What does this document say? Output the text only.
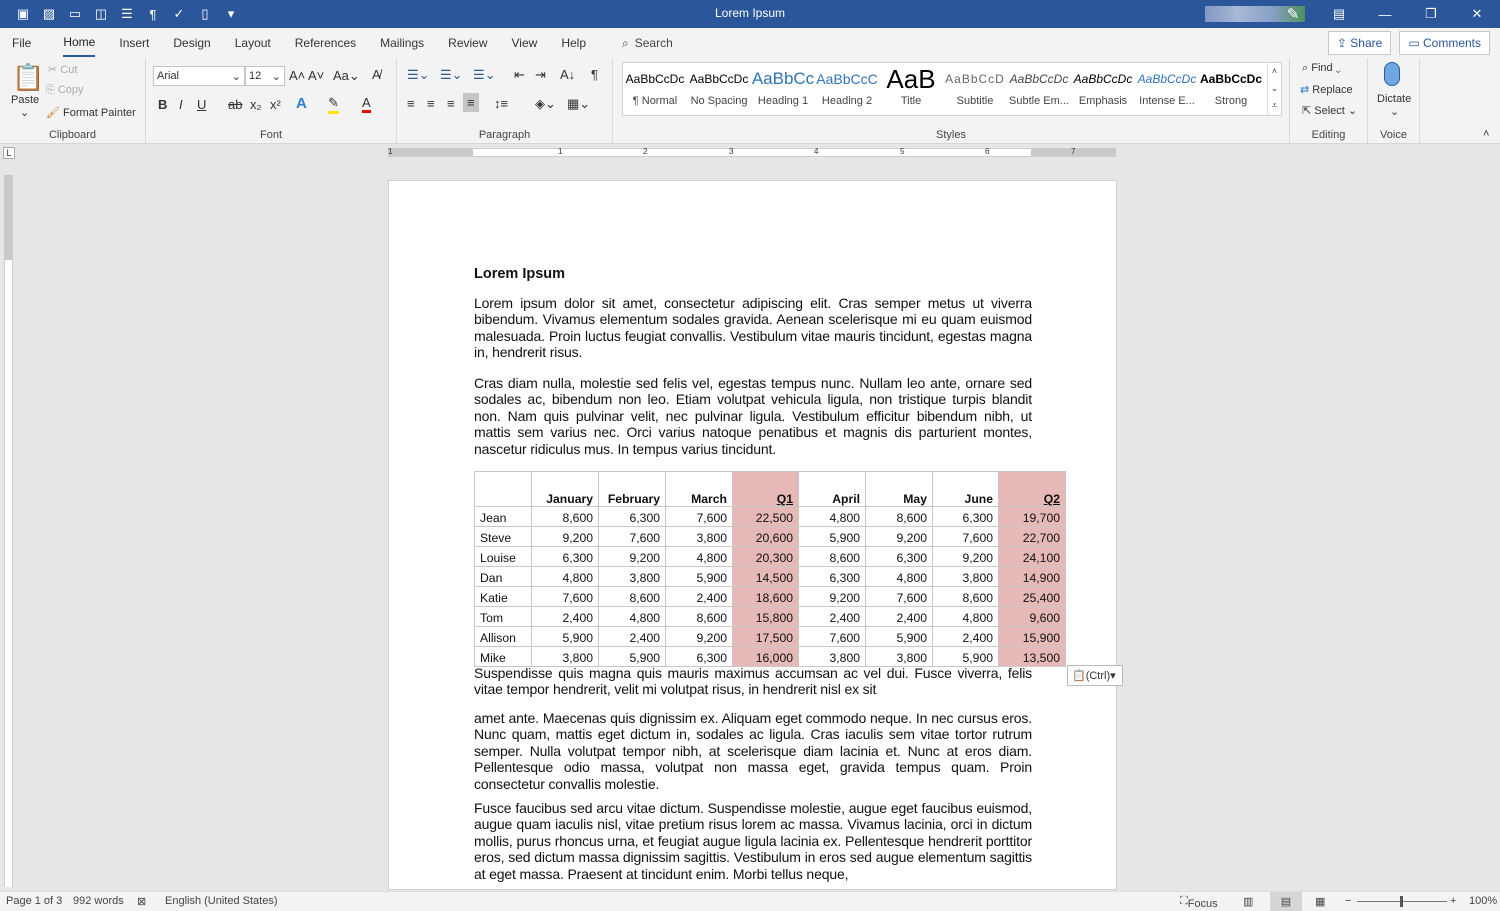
▣ ▨ ▭ ◫ ☰	¶	✓	▯	▾	Lorem Ipsum	✎	▤	—	❐	✕
File	Home Insert Design Layout References Mailings Review View Help	⌕ Search	⇪ Share	▭ Comments
📋
Paste
⌄
✂ Cut
⎘ Copy
🖌 Format Painter
Clipboard
Arial	⌄ 12 ⌄ A˄ A˅ Aa⌄ A̸
B I U ab x₂ x² A ✎ A
Font
☰⌄ ☰⌄ ☰⌄ ⇤ ⇥ A↓ ¶
≡ ≡ ≡ ≡	↕≡ ◈⌄ ▦⌄
Paragraph
AaBbCcDc
¶ Normal
AaBbCcDc
No Spacing
AaBbCc
Heading 1
AaBbCcC
Heading 2
AaB
Title
AaBbCcD
Subtitle
AaBbCcDc
Subtle Em...
AaBbCcDc
Emphasis
AaBbCcDc
Intense E...
AaBbCcDc
Strong
˄
⌄
⩡
Styles
⌕ Find ⌄
⇄ Replace
⇱ Select ⌄
Editing
Dictate
⌄
Voice	˄
L	1	1	2	3	4	5	6	7
Lorem Ipsum

Lorem ipsum dolor sit amet, consectetur adipiscing elit. Cras semper metus ut viverra bibendum. Vivamus elementum sodales gravida. Aenean scelerisque mi eu quam euismod malesuada. Proin luctus feugiat convallis. Vestibulum vitae mauris tincidunt, egestas magna in, hendrerit risus.

Cras diam nulla, molestie sed felis vel, egestas tempus nunc. Nullam leo ante, ornare sed sodales ac, bibendum non leo. Etiam volutpat vehicula ligula, non tristique turpis blandit non. Nam quis pulvinar velit, nec pulvinar ligula. Vestibulum efficitur bibendum nibh, ut mattis sem varius nec. Orci varius natoque penatibus et magnis dis parturient montes, nascetur ridiculus mus. In tempus varius tincidunt.

	January	February	March	Q1	April	May	June	Q2
Jean	8,600	6,300	7,600	22,500	4,800	8,600	6,300	19,700
Steve	9,200	7,600	3,800	20,600	5,900	9,200	7,600	22,700
Louise	6,300	9,200	4,800	20,300	8,600	6,300	9,200	24,100
Dan	4,800	3,800	5,900	14,500	6,300	4,800	3,800	14,900
Katie	7,600	8,600	2,400	18,600	9,200	7,600	8,600	25,400
Tom	2,400	4,800	8,600	15,800	2,400	2,400	4,800	9,600
Allison	5,900	2,400	9,200	17,500	7,600	5,900	2,400	15,900
Mike	3,800	5,900	6,300	16,000	3,800	3,800	5,900	13,500

Suspendisse quis magna quis mauris maximus accumsan ac vel dui. Fusce viverra, felis vitae tempor hendrerit, velit mi volutpat risus, in hendrerit nisl ex sit

amet ante. Maecenas quis dignissim ex. Aliquam eget commodo neque. In nec cursus eros. Nunc quam, mattis eget dictum in, sodales ac ligula. Cras iaculis sem vitae tortor rutrum semper. Nulla volutpat tempor nibh, at scelerisque diam lacinia et. Nunc at eros diam. Pellentesque odio massa, volutpat non massa eget, gravida tempus quam. Proin consectetur convallis molestie.

Fusce faucibus sed arcu vitae dictum. Suspendisse molestie, augue eget faucibus euismod, augue quam iaculis nisl, vitae pretium risus lorem ac massa. Vivamus lacinia, orci in dictum mollis, purus rhoncus urna, et feugiat augue ligula lacinia ex. Pellentesque hendrerit porttitor eros, sed dictum massa dignissim sagittis. Vestibulum in eros sed augue elementum sagittis at eget massa. Praesent at tincidunt enim. Morbi tellus neque,

📋(Ctrl)▾
Page 1 of 3 992 words ⊠ English (United States)	⛶ Focus ▥	▤	▦ −	+ 100%
